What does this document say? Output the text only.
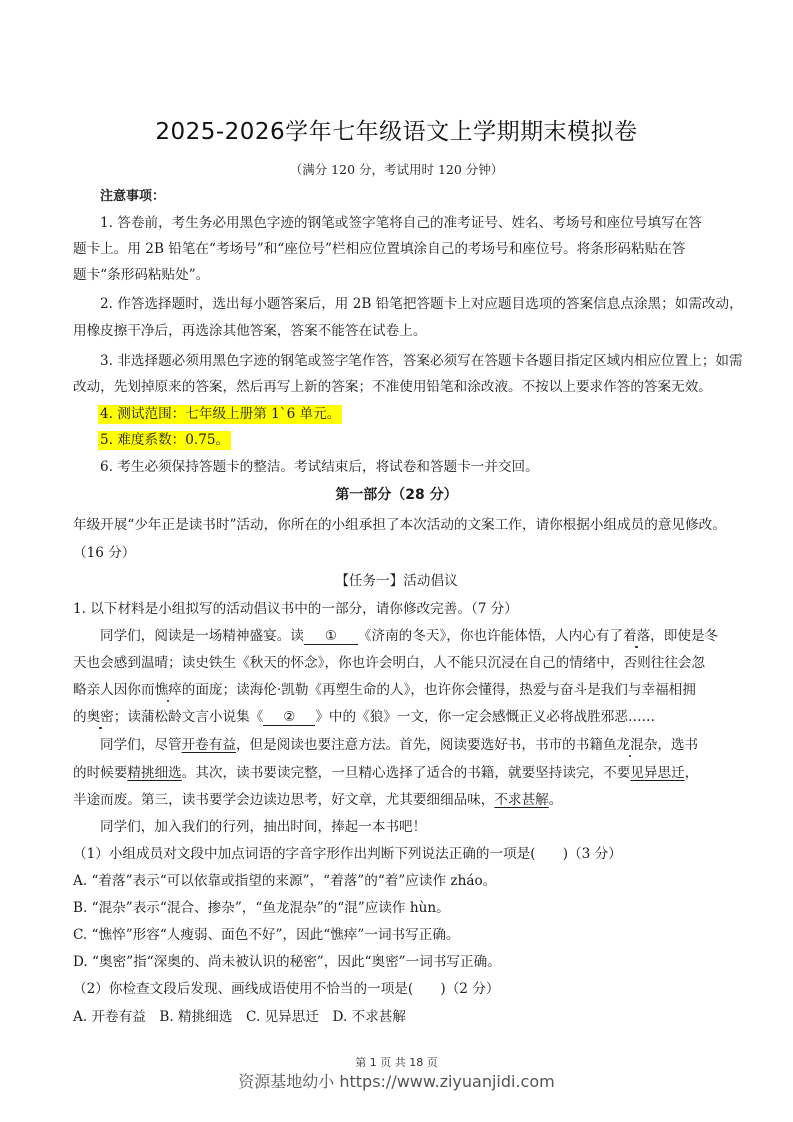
2025-2026学年七年级语文上学期期末模拟卷
（满分 120 分，考试用时 120 分钟）
注意事项：
1. 答卷前，考生务必用黑色字迹的钢笔或签字笔将自己的准考证号、姓名、考场号和座位号填写在答
题卡上。用 2B 铅笔在“考场号”和“座位号”栏相应位置填涂自己的考场号和座位号。将条形码粘贴在答
题卡“条形码粘贴处”。
2. 作答选择题时，选出每小题答案后，用 2B 铅笔把答题卡上对应题目选项的答案信息点涂黑；如需改动，
用橡皮擦干净后，再选涂其他答案，答案不能答在试卷上。
3. 非选择题必须用黑色字迹的钢笔或签字笔作答，答案必须写在答题卡各题目指定区域内相应位置上；如需
改动，先划掉原来的答案，然后再写上新的答案；不准使用铅笔和涂改液。不按以上要求作答的答案无效。
4. 测试范围：七年级上册第 1`6 单元。
5. 难度系数：0.75。
6. 考生必须保持答题卡的整洁。考试结束后，将试卷和答题卡一并交回。
第一部分（28 分）
年级开展“少年正是读书时”活动，你所在的小组承担了本次活动的文案工作，请你根据小组成员的意见修改。
（16 分）
【任务一】活动倡议
1. 以下材料是小组拟写的活动倡议书中的一部分，请你修改完善。（7 分）
同学们，阅读是一场精神盛宴。读 ① 《济南的冬天》，你也许能体悟，人内心有了着落，即使是冬
天也会感到温晴；读史铁生《秋天的怀念》，你也许会明白，人不能只沉浸在自己的情绪中，否则往往会忽
略亲人因你而憔瘁的面庞；读海伦·凯勒《再塑生命的人》，也许你会懂得，热爱与奋斗是我们与幸福相拥
的奥密；读蒲松龄文言小说集《 ② 》中的《狼》一文，你一定会感慨正义必将战胜邪恶……
同学们，尽管开卷有益，但是阅读也要注意方法。首先，阅读要选好书，书市的书籍鱼龙混杂，选书
的时候要精挑细选。其次，读书要读完整，一旦精心选择了适合的书籍，就要坚持读完，不要见异思迁，
半途而废。第三，读书要学会边读边思考，好文章，尤其要细细品味，不求甚解。
同学们，加入我们的行列，抽出时间，捧起一本书吧！
（1）小组成员对文段中加点词语的字音字形作出判断下列说法正确的一项是(　　)（3 分）
A. “着落”表示“可以依靠或指望的来源”，“着落”的“着”应读作 zháo。
B. “混杂”表示“混合、掺杂”，“鱼龙混杂”的“混”应读作 hùn。
C. “憔悴”形容“人瘦弱、面色不好”，因此“憔瘁”一词书写正确。
D. “奥密”指“深奥的、尚未被认识的秘密”，因此“奥密”一词书写正确。
（2）你检查文段后发现、画线成语使用不恰当的一项是(　　)（2 分）
A. 开卷有益　B. 精挑细选　C. 见异思迁　D. 不求甚解
第 1 页 共 18 页
资源基地幼小 https://www.ziyuanjidi.com
